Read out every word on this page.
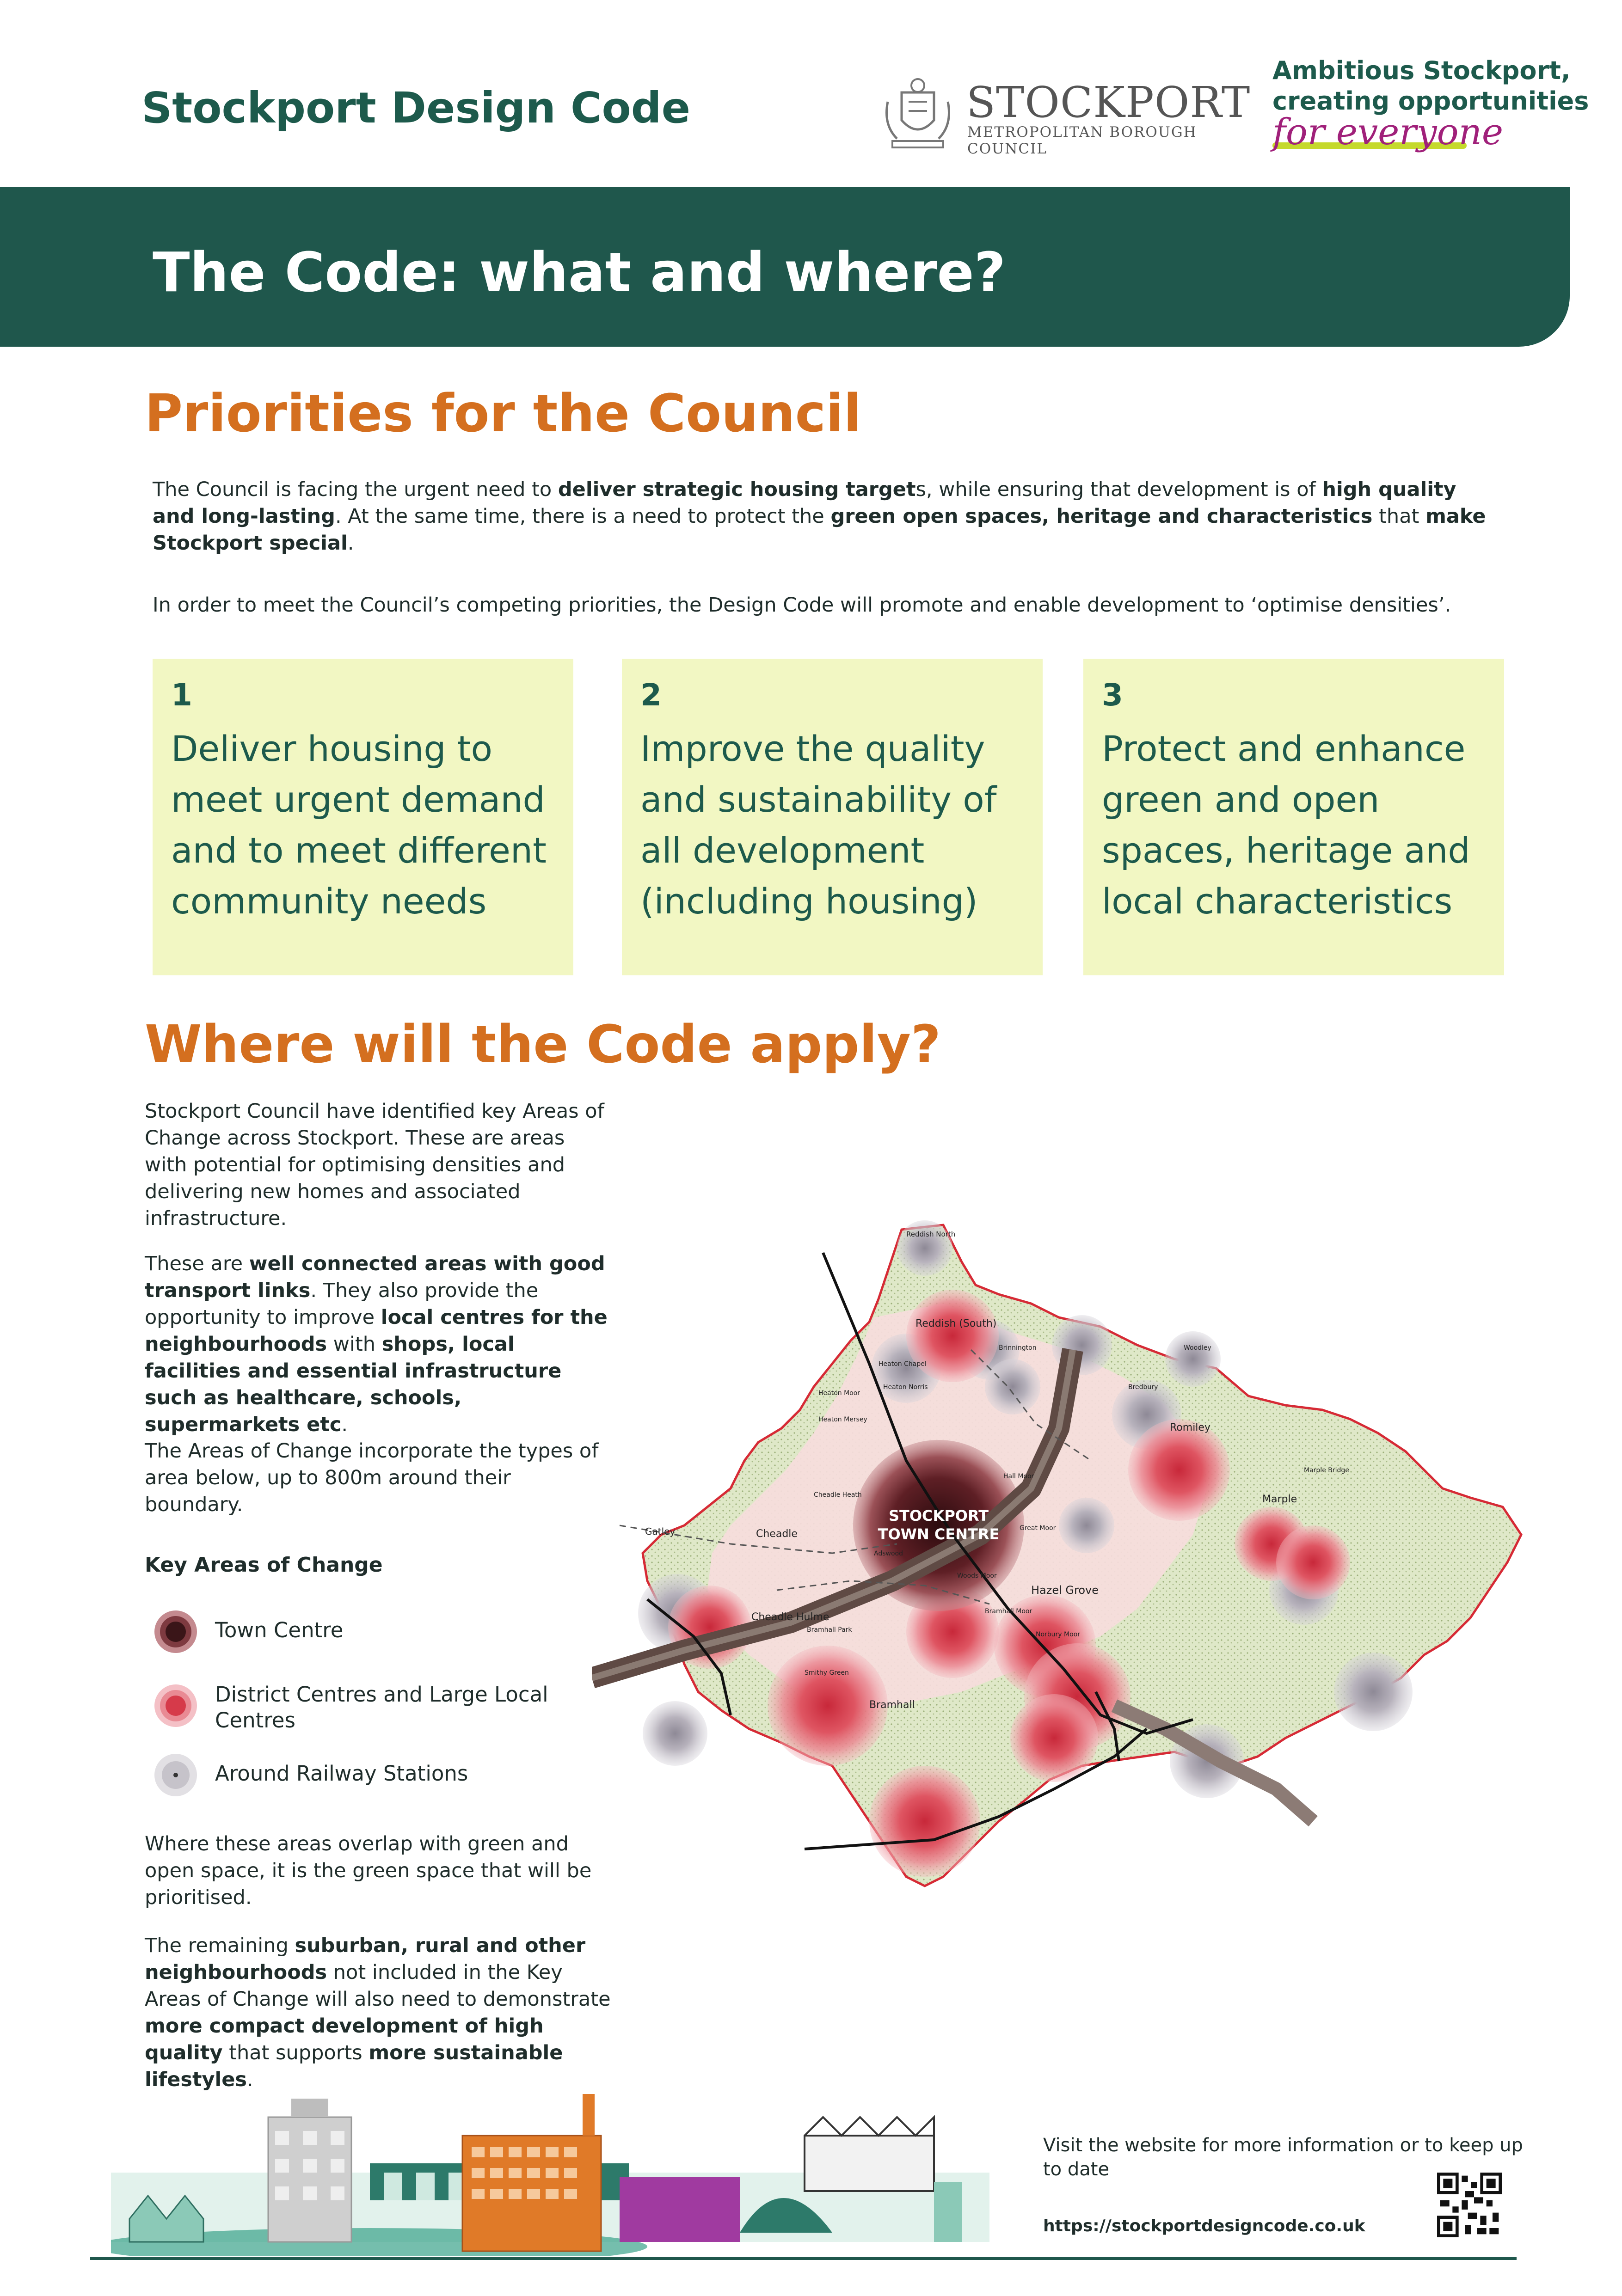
Stockport Design Code	STOCKPORT
METROPOLITAN BOROUGH COUNCIL
Ambitious Stockport,
creating opportunities
for everyone
The Code: what and where?
Priorities for the Council
The Council is facing the urgent need to deliver strategic housing targets, while ensuring that development is of high quality and long-lasting. At the same time, there is a need to protect the green open spaces, heritage and characteristics that make Stockport special.
In order to meet the Council’s competing priorities, the Design Code will promote and enable development to ‘optimise densities’.
1
Deliver housing to meet urgent demand and to meet different community needs
2
Improve the quality and sustainability of all development (including housing)
3
Protect and enhance green and open spaces, heritage and local characteristics
Where will the Code apply?
Stockport Council have identified key Areas of Change across Stockport. These are areas with potential for optimising densities and delivering new homes and associated infrastructure.
These are well connected areas with good transport links. They also provide the opportunity to improve local centres for the neighbourhoods with shops, local facilities and essential infrastructure such as healthcare, schools, supermarkets etc.
The Areas of Change incorporate the types of area below, up to 800m around their boundary.
Key Areas of Change
Town Centre
District Centres and Large Local Centres
Around Railway Stations
Where these areas overlap with green and open space, it is the green space that will be prioritised.
The remaining suburban, rural and other neighbourhoods not included in the Key Areas of Change will also need to demonstrate more compact development of high quality that supports more sustainable lifestyles.
Reddish North
Reddish (South)
Brinnington	Woodley
Heaton Chapel
Heaton Moor
Heaton Norris	Bredbury
Heaton Mersey
Romiley
Cheadle Heath
Gatley	Cheadle
Hall Moor
Marple Bridge
Marple
Great Moor
Adswood
Woods Moor
Hazel Grove
Cheadle Hulme	Bramhall Moor
Bramhall Park
Norbury Moor
Smithy Green
Bramhall
STOCKPORT
TOWN CENTRE
Visit the website for more information or to keep up to date
https://stockportdesigncode.co.uk
